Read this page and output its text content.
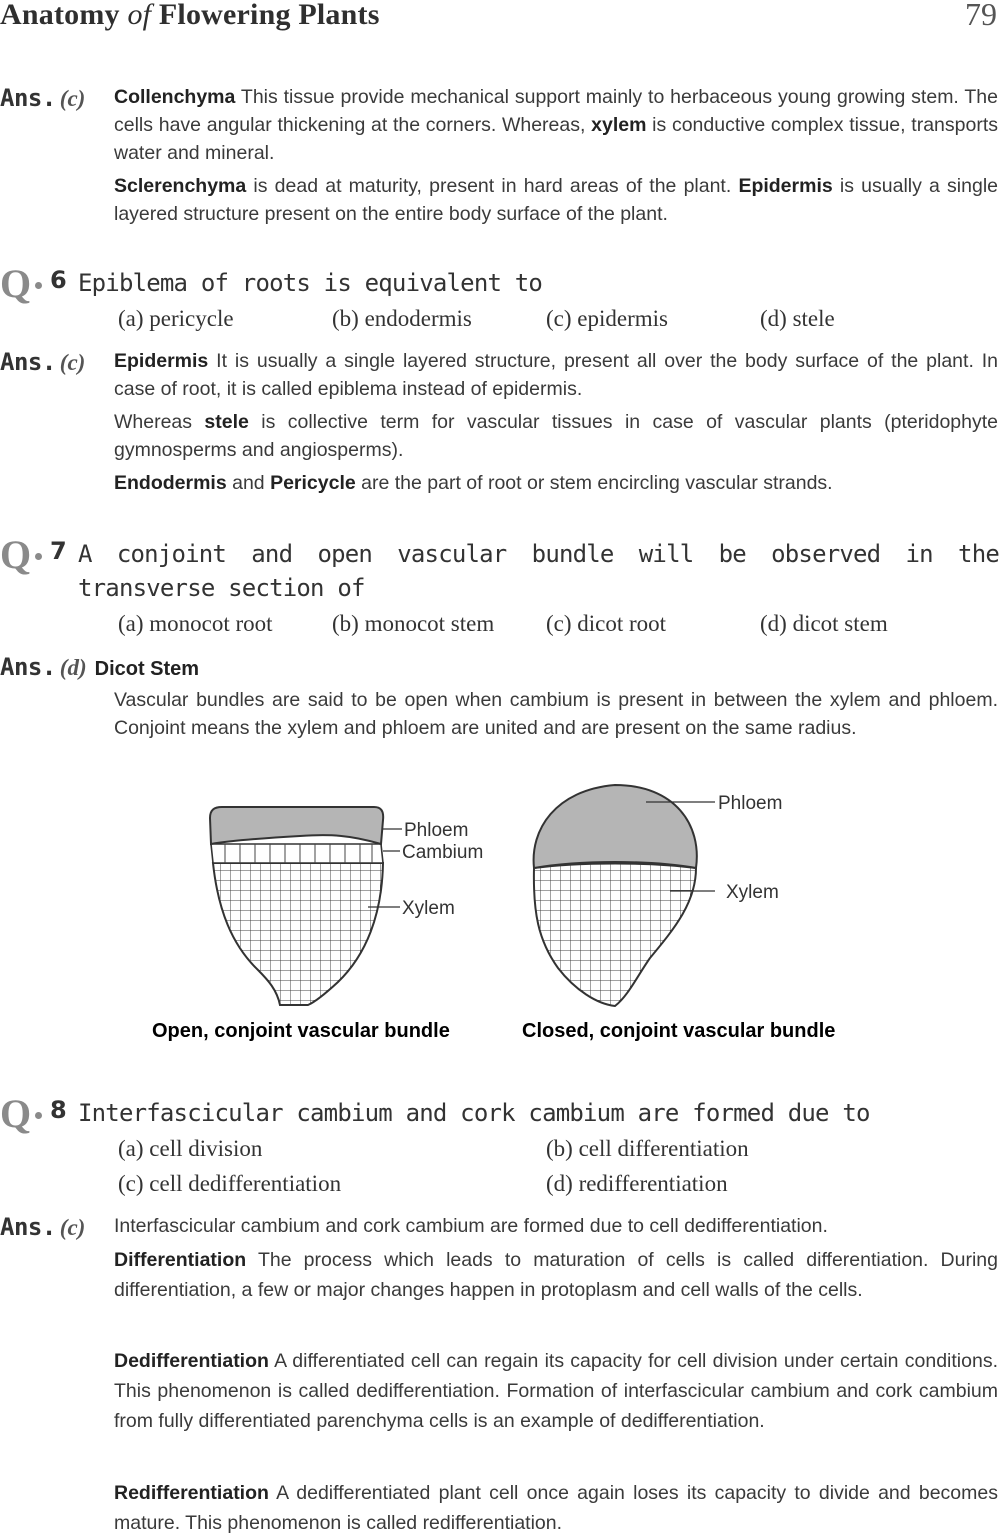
Anatomy of Flowering Plants	79
Ans. (c) Collenchyma This tissue provide mechanical support mainly to herbaceous young growing stem. The cells have angular thickening at the corners. Whereas, xylem is conductive complex tissue, transports water and mineral.
Sclerenchyma is dead at maturity, present in hard areas of the plant. Epidermis is usually a single layered structure present on the entire body surface of the plant.
Q 6 Epiblema of roots is equivalent to
(a) pericycle	(b) endodermis	(c) epidermis	(d) stele
Ans. (c) Epidermis It is usually a single layered structure, present all over the body surface of the plant. In case of root, it is called epiblema instead of epidermis.
Whereas stele is collective term for vascular tissues in case of vascular plants (pteridophyte gymnosperms and angiosperms).
Endodermis and Pericycle are the part of root or stem encircling vascular strands.
Q 7 A conjoint and open vascular bundle will be observed in the transverse section of
(a) monocot root	(b) monocot stem (c) dicot root	(d) dicot stem
Ans. (d) Dicot Stem
Vascular bundles are said to be open when cambium is present in between the xylem and phloem. Conjoint means the xylem and phloem are united and are present on the same radius.
Phloem
Cambium
Xylem
Phloem
Xylem
Open, conjoint vascular bundle	Closed, conjoint vascular bundle
Q 8 Interfascicular cambium and cork cambium are formed due to
(a) cell division	(b) cell differentiation
(c) cell dedifferentiation	(d) redifferentiation
Ans. (c) Interfascicular cambium and cork cambium are formed due to cell dedifferentiation.
Differentiation The process which leads to maturation of cells is called differentiation. During differentiation, a few or major changes happen in protoplasm and cell walls of the cells.
Dedifferentiation A differentiated cell can regain its capacity for cell division under certain conditions. This phenomenon is called dedifferentiation. Formation of interfascicular cambium and cork cambium from fully differentiated parenchyma cells is an example of dedifferentiation.
Redifferentiation A dedifferentiated plant cell once again loses its capacity to divide and becomes mature. This phenomenon is called redifferentiation.
